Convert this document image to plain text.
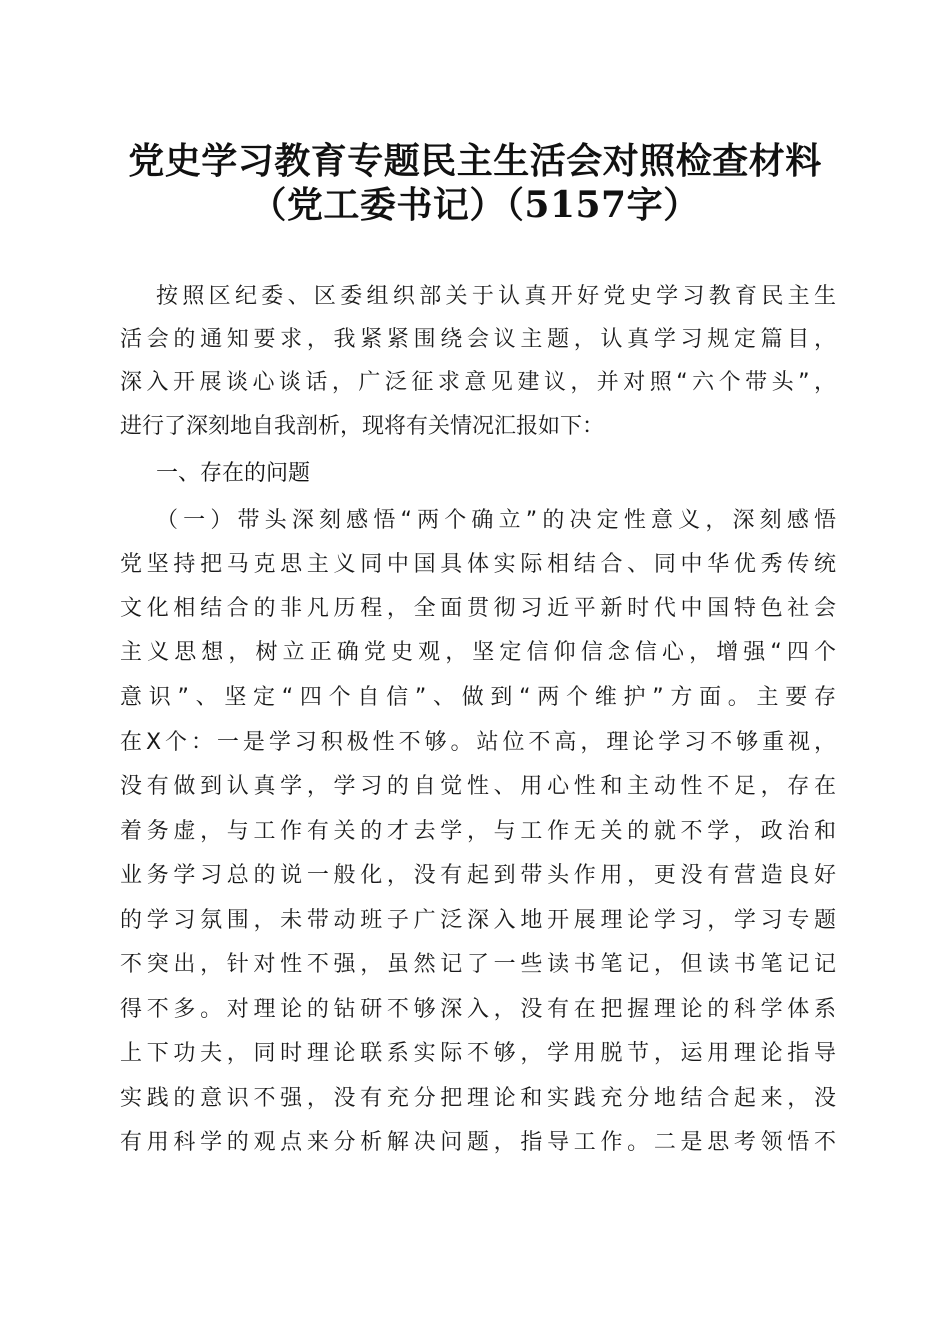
党史学习教育专题民主生活会对照检查材料
（党工委书记）（5157字）
按照区纪委、区委组织部关于认真开好党史学习教育民主生
活会的通知要求，我紧紧围绕会议主题，认真学习规定篇目，
深入开展谈心谈话，广泛征求意见建议，并对照“六个带头”，
进行了深刻地自我剖析，现将有关情况汇报如下：
一、存在的问题
（一）带头深刻感悟“两个确立”的决定性意义，深刻感悟
党坚持把马克思主义同中国具体实际相结合、同中华优秀传统
文化相结合的非凡历程，全面贯彻习近平新时代中国特色社会
主义思想，树立正确党史观，坚定信仰信念信心，增强“四个
意识”、坚定“四个自信”、做到“两个维护”方面。主要存
在X个：一是学习积极性不够。站位不高，理论学习不够重视，
没有做到认真学，学习的自觉性、用心性和主动性不足，存在
着务虚，与工作有关的才去学，与工作无关的就不学，政治和
业务学习总的说一般化，没有起到带头作用，更没有营造良好
的学习氛围，未带动班子广泛深入地开展理论学习，学习专题
不突出，针对性不强，虽然记了一些读书笔记，但读书笔记记
得不多。对理论的钻研不够深入，没有在把握理论的科学体系
上下功夫，同时理论联系实际不够，学用脱节，运用理论指导
实践的意识不强，没有充分把理论和实践充分地结合起来，没
有用科学的观点来分析解决问题，指导工作。二是思考领悟不
